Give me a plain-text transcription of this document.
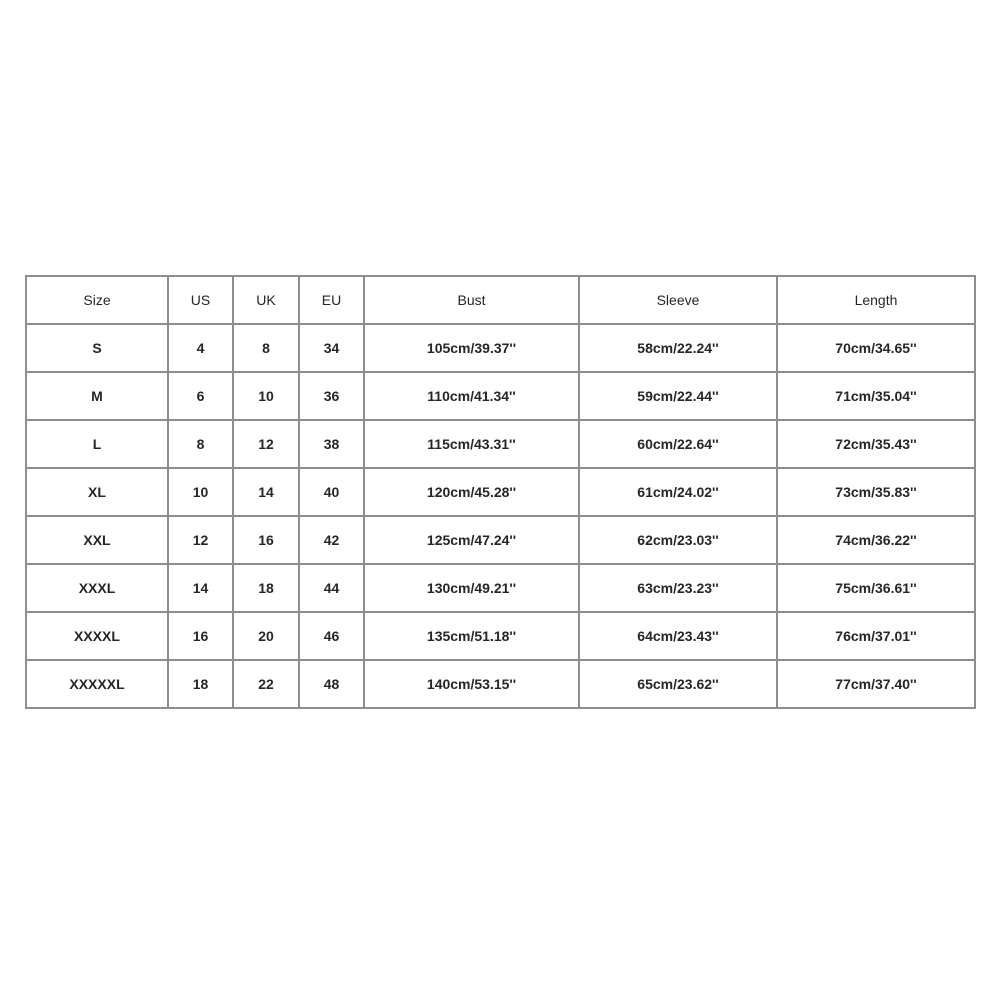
Size	US	UK	EU	Bust	Sleeve	Length
S	4	8	34	105cm/39.37''	58cm/22.24''	70cm/34.65''
M	6	10	36	110cm/41.34''	59cm/22.44''	71cm/35.04''
L	8	12	38	115cm/43.31''	60cm/22.64''	72cm/35.43''
XL	10	14	40	120cm/45.28''	61cm/24.02''	73cm/35.83''
XXL	12	16	42	125cm/47.24''	62cm/23.03''	74cm/36.22''
XXXL	14	18	44	130cm/49.21''	63cm/23.23''	75cm/36.61''
XXXXL	16	20	46	135cm/51.18''	64cm/23.43''	76cm/37.01''
XXXXXL	18	22	48	140cm/53.15''	65cm/23.62''	77cm/37.40''
